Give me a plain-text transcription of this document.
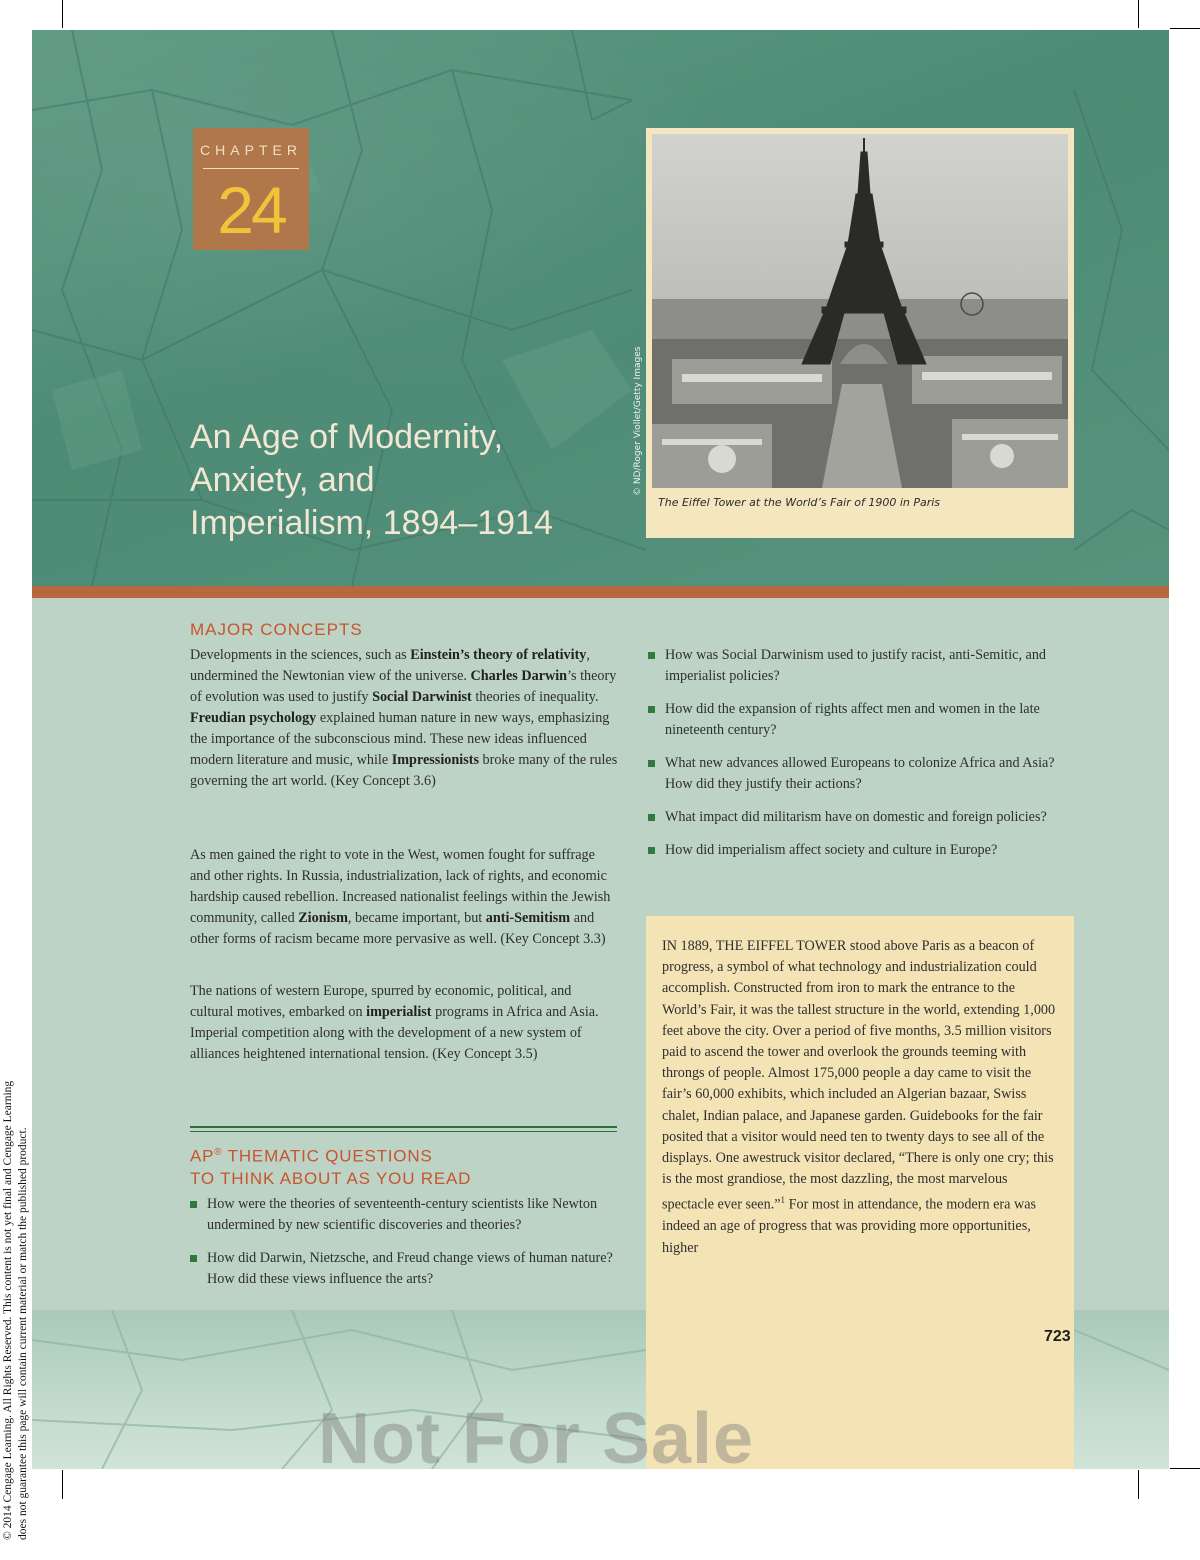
© 2014 Cengage Learning. All Rights Reserved. This content is not yet final and Cengage Learning does not guarantee this page will contain current material or match the published product.
CHAPTER
24
An Age of Modernity,
Anxiety, and
Imperialism, 1894–1914
© ND/Roger Viollet/Getty Images
The Eiffel Tower at the World’s Fair of 1900 in Paris
MAJOR CONCEPTS
Developments in the sciences, such as Einstein’s theory of relativity, undermined the Newtonian view of the universe. Charles Darwin’s theory of evolution was used to justify Social Darwinist theories of inequality. Freudian psychology explained human nature in new ways, emphasizing the importance of the subconscious mind. These new ideas influenced modern literature and music, while Impressionists broke many of the rules governing the art world. (Key Concept 3.6)
As men gained the right to vote in the West, women fought for suffrage and other rights. In Russia, industrialization, lack of rights, and economic hardship caused rebellion. Increased nationalist feelings within the Jewish community, called Zionism, became important, but anti-Semitism and other forms of racism became more pervasive as well. (Key Concept 3.3)
The nations of western Europe, spurred by economic, political, and cultural motives, embarked on imperialist programs in Africa and Asia. Imperial competition along with the development of a new system of alliances heightened international tension. (Key Concept 3.5)
AP® THEMATIC QUESTIONS
TO THINK ABOUT AS YOU READ
How were the theories of seventeenth-century scientists like Newton undermined by new scientific discoveries and theories?
How did Darwin, Nietzsche, and Freud change views of human nature? How did these views influence the arts?
How was Social Darwinism used to justify racist, anti-Semitic, and imperialist policies?
How did the expansion of rights affect men and women in the late nineteenth century?
What new advances allowed Europeans to colonize Africa and Asia? How did they justify their actions?
What impact did militarism have on domestic and foreign policies?
How did imperialism affect society and culture in Europe?
IN 1889, THE EIFFEL TOWER stood above Paris as a beacon of progress, a symbol of what technology and industrialization could accomplish. Constructed from iron to mark the entrance to the World’s Fair, it was the tallest structure in the world, extending 1,000 feet above the city. Over a period of five months, 3.5 million visitors paid to ascend the tower and overlook the grounds teeming with throngs of people. Almost 175,000 people a day came to visit the fair’s 60,000 exhibits, which included an Algerian bazaar, Swiss chalet, Indian palace, and Japanese garden. Guidebooks for the fair posited that a visitor would need ten to twenty days to see all of the displays. One awestruck visitor declared, “There is only one cry; this is the most grandiose, the most dazzling, the most marvelous spectacle ever seen.”$^1$ For most in attendance, the modern era was indeed an age of progress that was providing more opportunities, higher
723
Not For Sale
